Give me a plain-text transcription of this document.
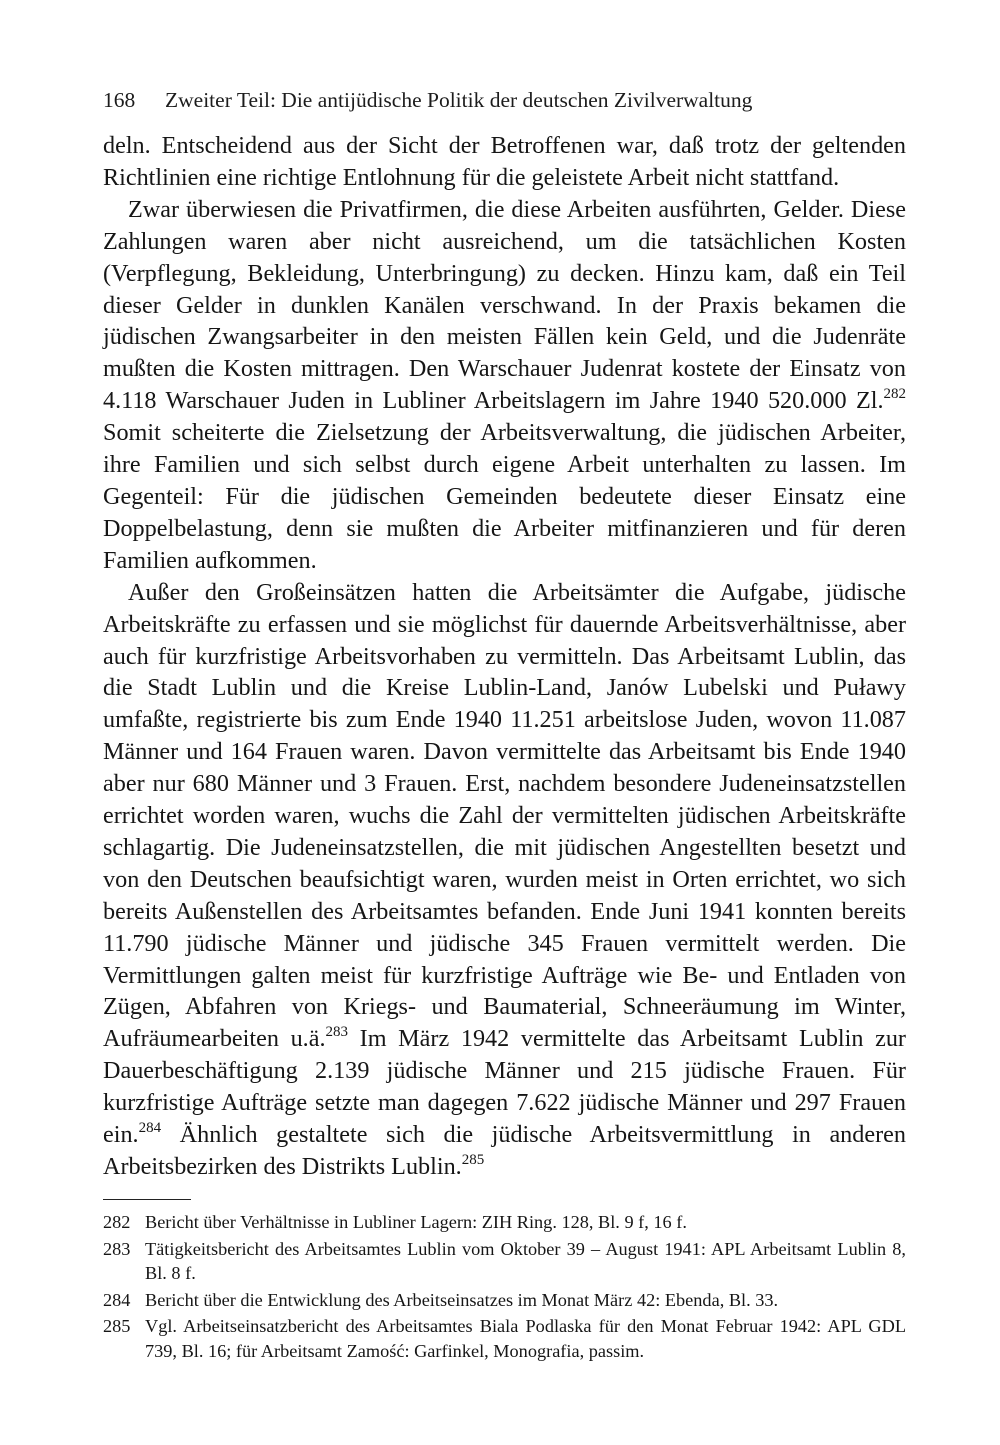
168 Zweiter Teil: Die antijüdische Politik der deutschen Zivilverwaltung

deln. Entscheidend aus der Sicht der Betroffenen war, daß trotz der geltenden Richtlinien eine richtige Entlohnung für die geleistete Arbeit nicht stattfand.

Zwar überwiesen die Privatfirmen, die diese Arbeiten ausführten, Gelder. Diese Zahlungen waren aber nicht ausreichend, um die tatsächlichen Kosten (Verpflegung, Bekleidung, Unterbringung) zu decken. Hinzu kam, daß ein Teil dieser Gelder in dunklen Kanälen verschwand. In der Praxis bekamen die jüdischen Zwangsarbeiter in den meisten Fällen kein Geld, und die Judenräte mußten die Kosten mittragen. Den Warschauer Judenrat kostete der Einsatz von 4.118 Warschauer Juden in Lubliner Arbeitslagern im Jahre 1940 520.000 Zl.$^{282}$ Somit scheiterte die Zielsetzung der Arbeitsverwaltung, die jüdischen Arbeiter, ihre Familien und sich selbst durch eigene Arbeit unterhalten zu lassen. Im Gegenteil: Für die jüdischen Gemeinden bedeutete dieser Einsatz eine Doppelbelastung, denn sie mußten die Arbeiter mitfinanzieren und für deren Familien aufkommen.

Außer den Großeinsätzen hatten die Arbeitsämter die Aufgabe, jüdische Arbeitskräfte zu erfassen und sie möglichst für dauernde Arbeitsverhältnisse, aber auch für kurzfristige Arbeitsvorhaben zu vermitteln. Das Arbeitsamt Lublin, das die Stadt Lublin und die Kreise Lublin-Land, Janów Lubelski und Puławy umfaßte, registrierte bis zum Ende 1940 11.251 arbeitslose Juden, wovon 11.087 Männer und 164 Frauen waren. Davon vermittelte das Arbeitsamt bis Ende 1940 aber nur 680 Männer und 3 Frauen. Erst, nachdem besondere Judeneinsatzstellen errichtet worden waren, wuchs die Zahl der vermittelten jüdischen Arbeitskräfte schlagartig. Die Judeneinsatzstellen, die mit jüdischen Angestellten besetzt und von den Deutschen beaufsichtigt waren, wurden meist in Orten errichtet, wo sich bereits Außenstellen des Arbeitsamtes befanden. Ende Juni 1941 konnten bereits 11.790 jüdische Männer und jüdische 345 Frauen vermittelt werden. Die Vermittlungen galten meist für kurzfristige Aufträge wie Be- und Entladen von Zügen, Abfahren von Kriegs- und Baumaterial, Schneeräumung im Winter, Aufräumearbeiten u.ä.$^{283}$ Im März 1942 vermittelte das Arbeitsamt Lublin zur Dauerbeschäftigung 2.139 jüdische Männer und 215 jüdische Frauen. Für kurzfristige Aufträge setzte man dagegen 7.622 jüdische Männer und 297 Frauen ein.$^{284}$ Ähnlich gestaltete sich die jüdische Arbeitsvermittlung in anderen Arbeitsbezirken des Distrikts Lublin.$^{285}$

282 Bericht über Verhältnisse in Lubliner Lagern: ZIH Ring. 128, Bl. 9 f, 16 f.
283 Tätigkeitsbericht des Arbeitsamtes Lublin vom Oktober 39 – August 1941: APL Arbeitsamt Lublin 8, Bl. 8 f.
284 Bericht über die Entwicklung des Arbeitseinsatzes im Monat März 42: Ebenda, Bl. 33.
285 Vgl. Arbeitseinsatzbericht des Arbeitsamtes Biala Podlaska für den Monat Februar 1942: APL GDL 739, Bl. 16; für Arbeitsamt Zamość: Garfinkel, Monografia, passim.
